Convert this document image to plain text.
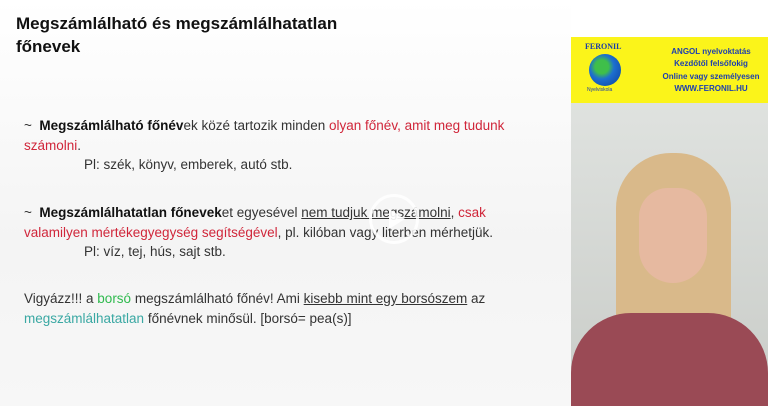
Megszámlálható és megszámlálhatatlan főnevek
~ Megszámlálható főnévek közé tartozik minden olyan főnév, amit meg tudunk számolni.
Pl: szék, könyv, emberek, autó stb.
~ Megszámlálhatatlan főneveket egyesével nem tudjuk megszámolni, csak valamilyen mértékegyegység segítségével, pl. kilóban vagy literben mérhetjük.
Pl: víz, tej, hús, sajt stb.
Vigyázz!!! a borsó megszámlálható főnév! Ami kisebb mint egy borsószem az megszámlálhatatlan főnévnek minősül. [borsó= pea(s)]
FERONIL
Nyelviskola
ANGOL nyelvoktatás
Kezdőtől felsőfokig
Online vagy személyesen
WWW.FERONIL.HU
